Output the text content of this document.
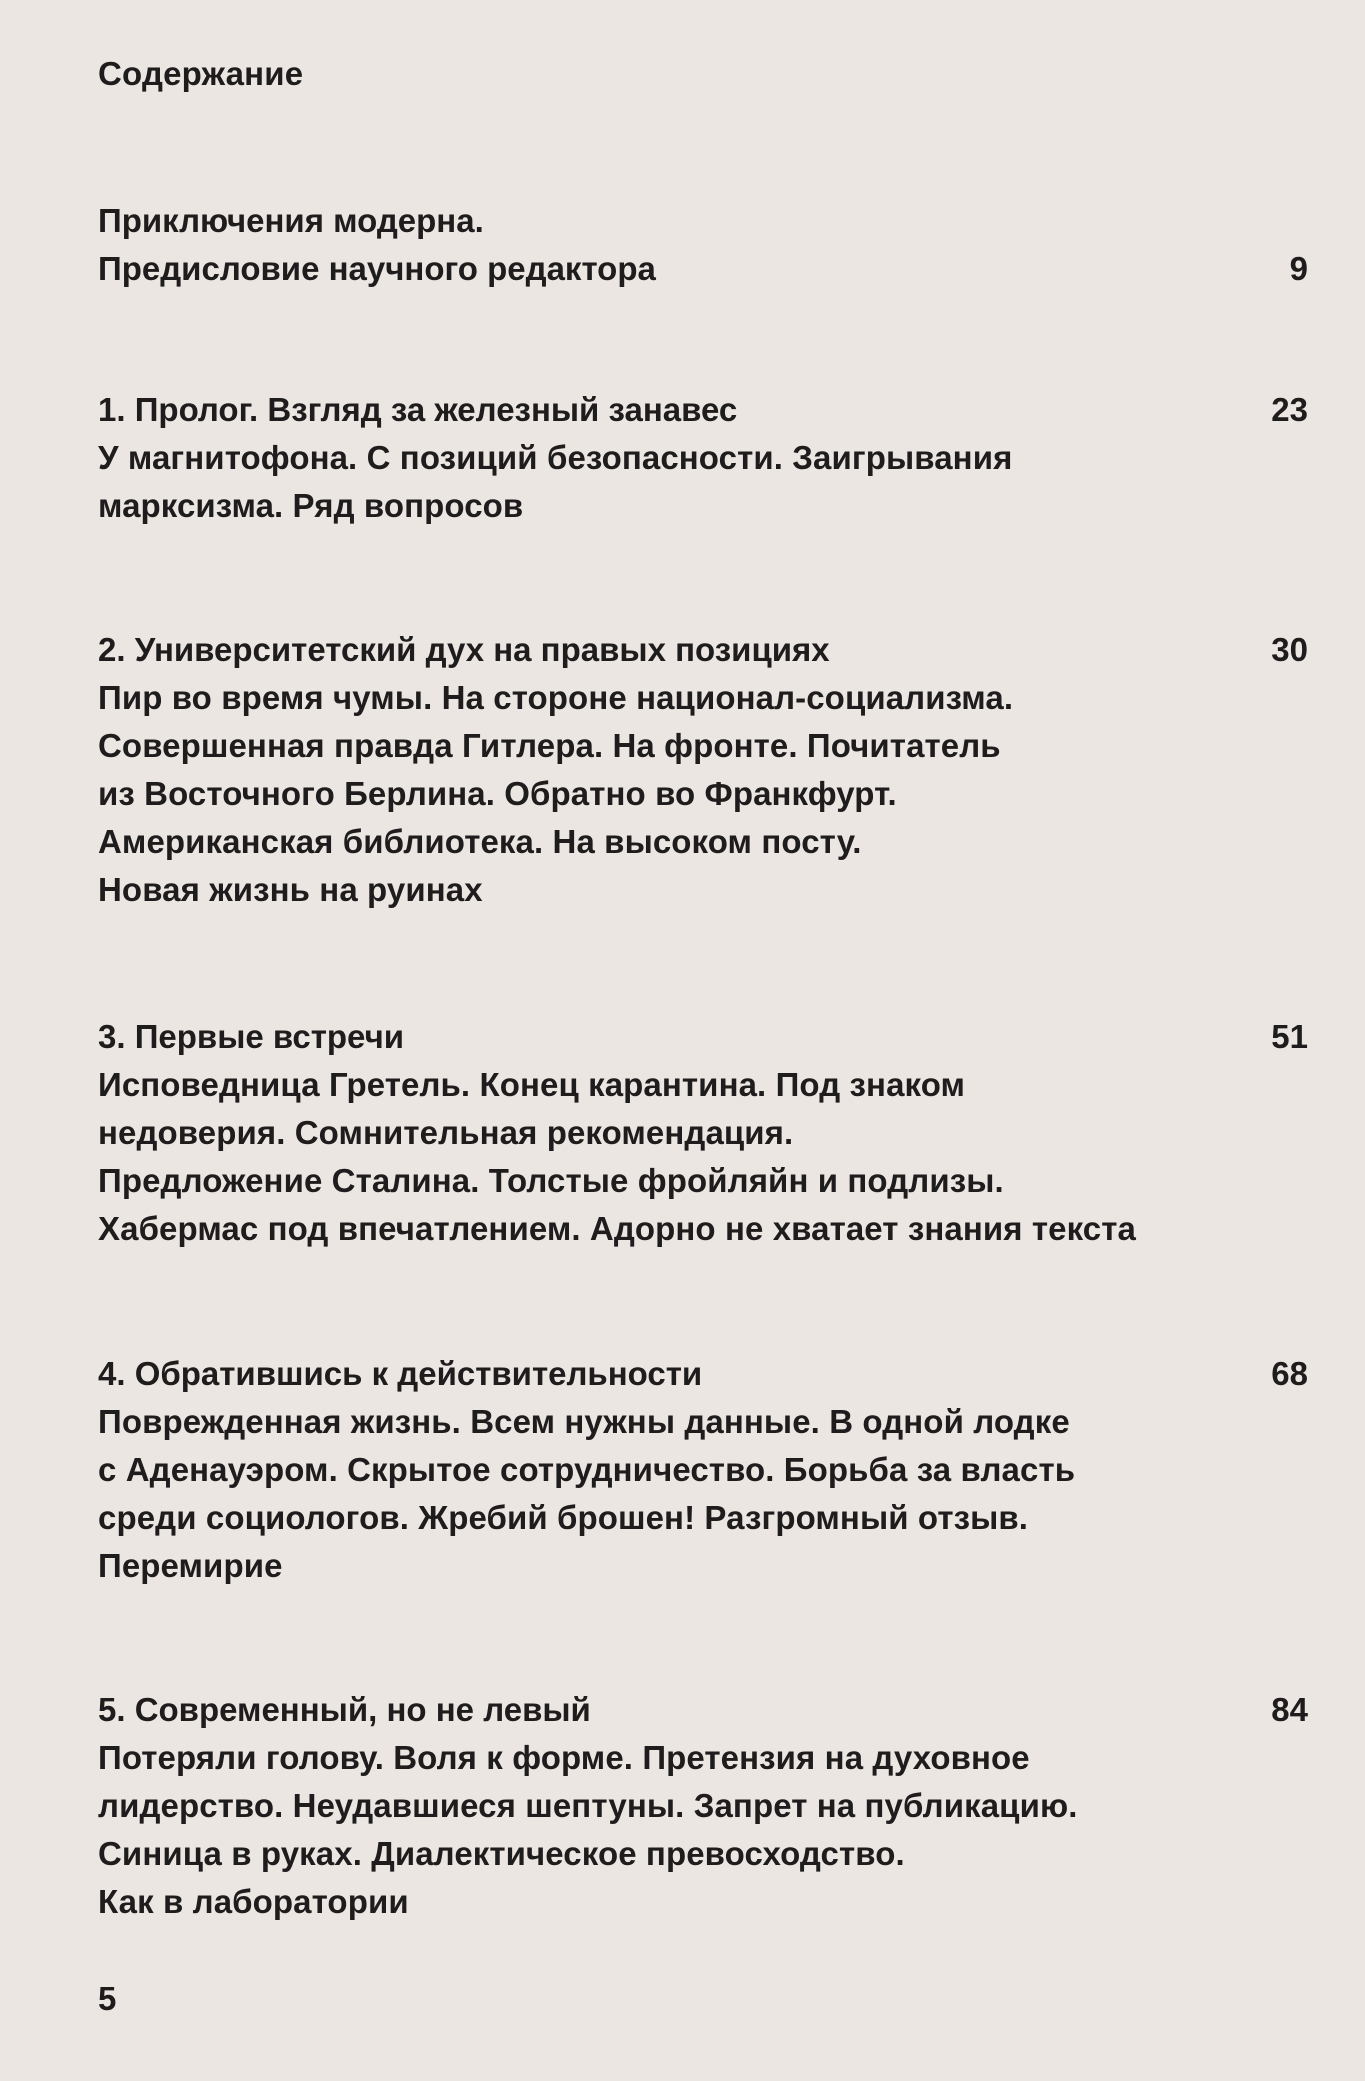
Содержание
Приключения модерна.
Предисловие научного редактора	9
1. Пролог. Взгляд за железный занавес	23
У магнитофона. С позиций безопасности. Заигрывания
марксизма. Ряд вопросов
2. Университетский дух на правых позициях	30
Пир во время чумы. На стороне национал-социализма.
Совершенная правда Гитлера. На фронте. Почитатель
из Восточного Берлина. Обратно во Франкфурт.
Американская библиотека. На высоком посту.
Новая жизнь на руинах
3. Первые встречи	51
Исповедница Гретель. Конец карантина. Под знаком
недоверия. Сомнительная рекомендация.
Предложение Сталина. Толстые фройляйн и подлизы.
Хабермас под впечатлением. Адорно не хватает знания текста
4. Обратившись к действительности	68
Поврежденная жизнь. Всем нужны данные. В одной лодке
с Аденауэром. Скрытое сотрудничество. Борьба за власть
среди социологов. Жребий брошен! Разгромный отзыв.
Перемирие
5. Современный, но не левый	84
Потеряли голову. Воля к форме. Претензия на духовное
лидерство. Неудавшиеся шептуны. Запрет на публикацию.
Синица в руках. Диалектическое превосходство.
Как в лаборатории
5
